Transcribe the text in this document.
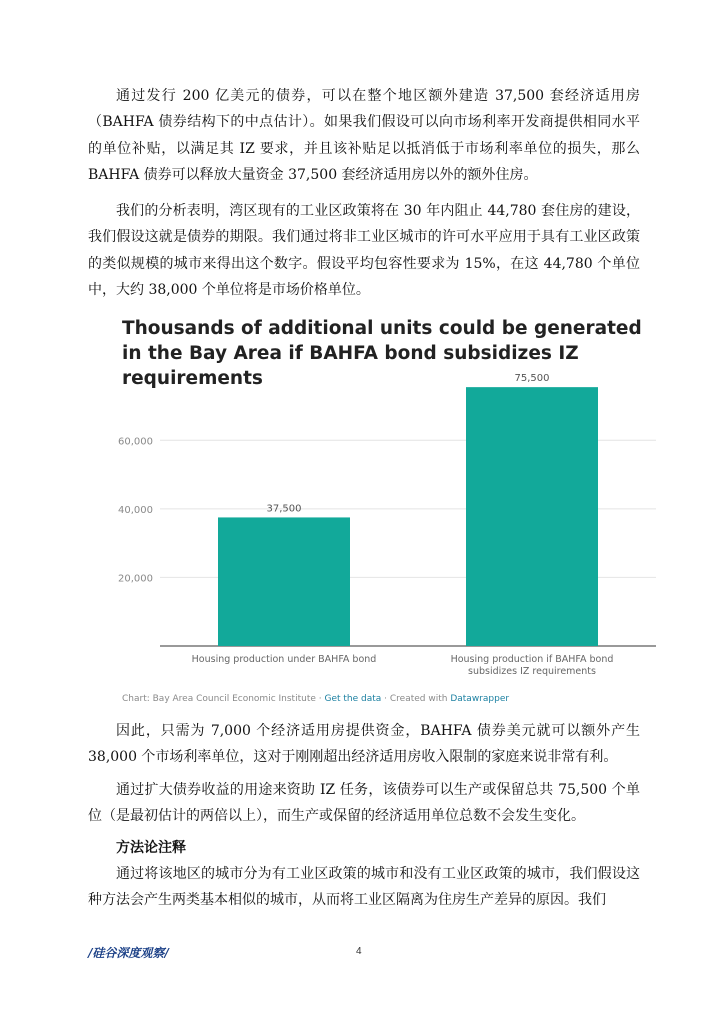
通过发行 200 亿美元的债券，可以在整个地区额外建造 37,500 套经济适用房（BAHFA 债券结构下的中点估计）。如果我们假设可以向市场利率开发商提供相同水平的单位补贴，以满足其 IZ 要求，并且该补贴足以抵消低于市场利率单位的损失，那么 BAHFA 债券可以释放大量资金 37,500 套经济适用房以外的额外住房。

我们的分析表明，湾区现有的工业区政策将在 30 年内阻止 44,780 套住房的建设，我们假设这就是债券的期限。我们通过将非工业区城市的许可水平应用于具有工业区政策的类似规模的城市来得出这个数字。假设平均包容性要求为 15%，在这 44,780 个单位中，大约 38,000 个单位将是市场价格单位。

20,000
40,000
60,000
37,500
Housing production under BAHFA bond
75,500
Housing production if BAHFA bond subsidizes IZ requirements
Thousands of additional units could be generated in the Bay Area if BAHFA bond subsidizes IZ requirements
Chart: Bay Area Council Economic Institute · Get the data · Created with Datawrapper

因此，只需为 7,000 个经济适用房提供资金，BAHFA 债券美元就可以额外产生 38,000 个市场利率单位，这对于刚刚超出经济适用房收入限制的家庭来说非常有利。

通过扩大债券收益的用途来资助 IZ 任务，该债券可以生产或保留总共 75,500 个单位（是最初估计的两倍以上），而生产或保留的经济适用单位总数不会发生变化。

方法论注释

通过将该地区的城市分为有工业区政策的城市和没有工业区政策的城市，我们假设这种方法会产生两类基本相似的城市，从而将工业区隔离为住房生产差异的原因。我们

/硅谷深度观察/	4
